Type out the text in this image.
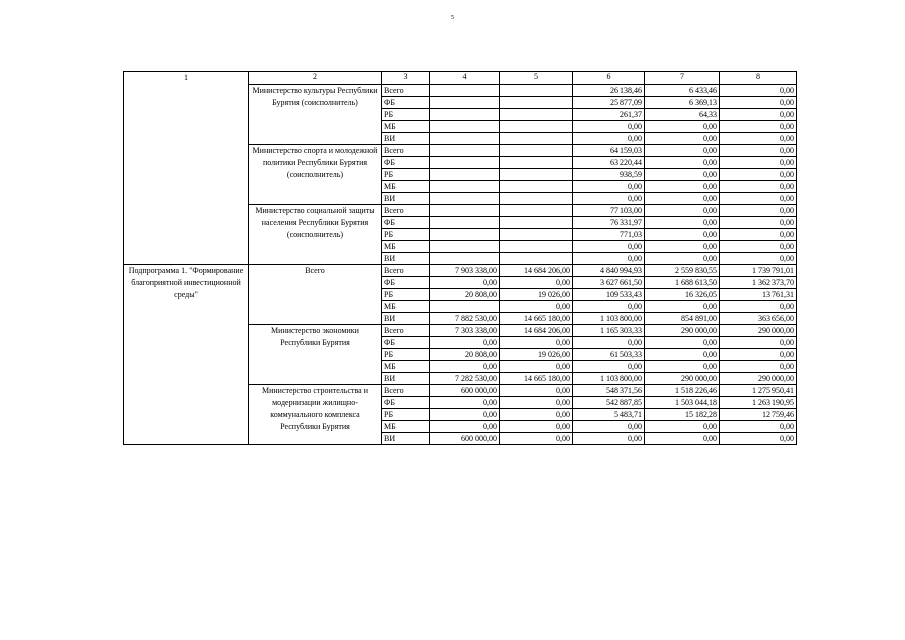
5
1	2	3	4	5	6	7	8
	Министерство культуры Республики Бурятия (соисполнитель)	Всего			26 138,46	6 433,46	0,00
		ФБ			25 877,09	6 369,13	0,00
		РБ			261,37	64,33	0,00
		МБ			0,00	0,00	0,00
		ВИ			0,00	0,00	0,00
	Министерство спорта и молодежной политики Республики Бурятия (соисполнитель)	Всего			64 159,03	0,00	0,00
		ФБ			63 220,44	0,00	0,00
		РБ			938,59	0,00	0,00
		МБ			0,00	0,00	0,00
		ВИ			0,00	0,00	0,00
	Министерство социальной защиты населения Республики Бурятия (соисполнитель)	Всего			77 103,00	0,00	0,00
		ФБ			76 331,97	0,00	0,00
		РБ			771,03	0,00	0,00
		МБ			0,00	0,00	0,00
		ВИ			0,00	0,00	0,00
Подпрограмма 1. "Формирование благоприятной инвестиционной среды"	Всего	Всего	7 903 338,00	14 684 206,00	4 840 994,93	2 559 830,55	1 739 791,01
		ФБ	0,00	0,00	3 627 661,50	1 688 613,50	1 362 373,70
		РБ	20 808,00	19 026,00	109 533,43	16 326,05	13 761,31
		МБ		0,00	0,00	0,00	0,00
		ВИ	7 882 530,00	14 665 180,00	1 103 800,00	854 891,00	363 656,00
	Министерство экономики Республики Бурятия	Всего	7 303 338,00	14 684 206,00	1 165 303,33	290 000,00	290 000,00
		ФБ	0,00	0,00	0,00	0,00	0,00
		РБ	20 808,00	19 026,00	61 503,33	0,00	0,00
		МБ	0,00	0,00	0,00	0,00	0,00
		ВИ	7 282 530,00	14 665 180,00	1 103 800,00	290 000,00	290 000,00
	Министерство строительства и модернизации жилищно-коммунального комплекса Республики Бурятия	Всего	600 000,00	0,00	548 371,56	1 518 226,46	1 275 950,41
		ФБ	0,00	0,00	542 887,85	1 503 044,18	1 263 190,95
		РБ	0,00	0,00	5 483,71	15 182,28	12 759,46
		МБ	0,00	0,00	0,00	0,00	0,00
		ВИ	600 000,00	0,00	0,00	0,00	0,00
